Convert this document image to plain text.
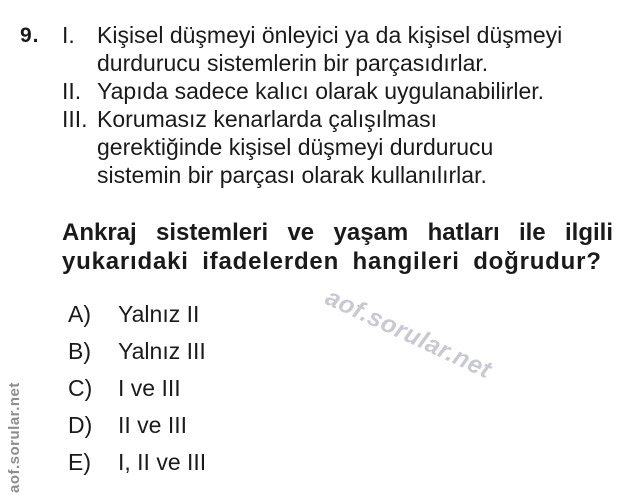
9. I. Kişisel düşmeyi önleyici ya da kişisel düşmeyi
durdurucu sistemlerin bir parçasıdırlar.
II. Yapıda sadece kalıcı olarak uygulanabilirler.
III. Korumasız kenarlarda çalışılması
gerektiğinde kişisel düşmeyi durdurucu
sistemin bir parçası olarak kullanılırlar.
Ankraj sistemleri ve yaşam hatları ile ilgili
yukarıdaki ifadelerden hangileri doğrudur?
A)	Yalnız II
B)	Yalnız III
C)	I ve III
D)	II ve III
E)	I, II ve III
aof.sorular.net
aof.sorular.net
